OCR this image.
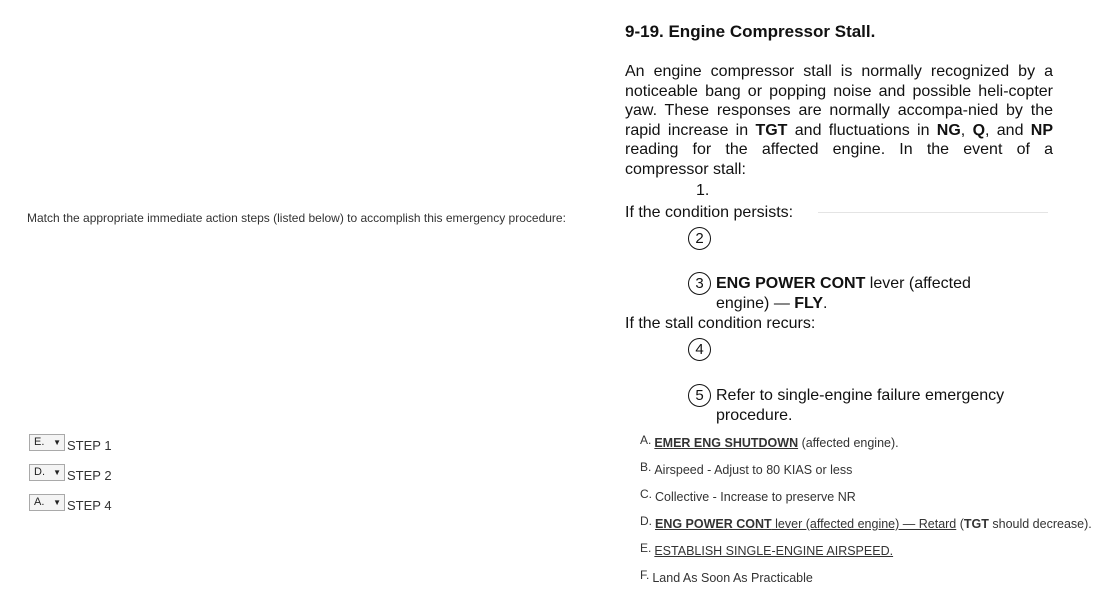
Match the appropriate immediate action steps (listed below) to accomplish this emergency procedure:
9-19. Engine Compressor Stall.
An engine compressor stall is normally recognized by a noticeable bang or popping noise and possible heli-copter yaw. These responses are normally accompa-nied by the rapid increase in TGT and fluctuations in NG, Q, and NP reading for the affected engine. In the event of a compressor stall:
1.
If the condition persists:
2
3 ENG POWER CONT lever (affected
engine) — FLY.
If the stall condition recurs:
4
5 Refer to single-engine failure emergency
procedure.
E. ▼ STEP 1
D. ▼ STEP 2
A. ▼ STEP 4
A. EMER ENG SHUTDOWN (affected engine).
B. Airspeed - Adjust to 80 KIAS or less
C. Collective - Increase to preserve NR
D. ENG POWER CONT lever (affected engine) — Retard (TGT should decrease).
E. ESTABLISH SINGLE-ENGINE AIRSPEED.
F. Land As Soon As Practicable
